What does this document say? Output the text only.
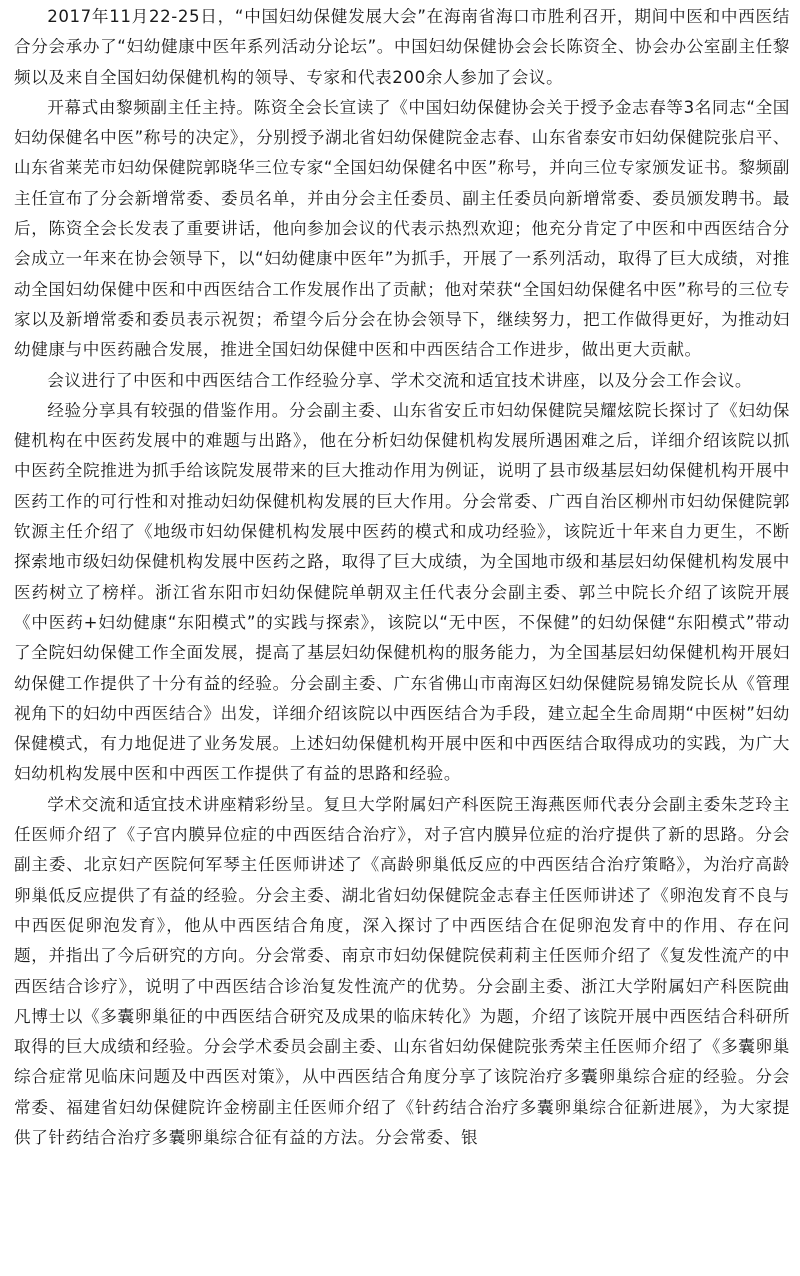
2017年11月22-25日，“中国妇幼保健发展大会”在海南省海口市胜利召开，期间中医和中西医结合分会承办了“妇幼健康中医年系列活动分论坛”。中国妇幼保健协会会长陈资全、协会办公室副主任黎频以及来自全国妇幼保健机构的领导、专家和代表200余人参加了会议。

开幕式由黎频副主任主持。陈资全会长宣读了《中国妇幼保健协会关于授予金志春等3名同志“全国妇幼保健名中医”称号的决定》，分别授予湖北省妇幼保健院金志春、山东省泰安市妇幼保健院张启平、山东省莱芜市妇幼保健院郭晓华三位专家“全国妇幼保健名中医”称号，并向三位专家颁发证书。黎频副主任宣布了分会新增常委、委员名单，并由分会主任委员、副主任委员向新增常委、委员颁发聘书。最后，陈资全会长发表了重要讲话，他向参加会议的代表示热烈欢迎；他充分肯定了中医和中西医结合分会成立一年来在协会领导下，以“妇幼健康中医年”为抓手，开展了一系列活动，取得了巨大成绩，对推动全国妇幼保健中医和中西医结合工作发展作出了贡献；他对荣获“全国妇幼保健名中医”称号的三位专家以及新增常委和委员表示祝贺；希望今后分会在协会领导下，继续努力，把工作做得更好，为推动妇幼健康与中医药融合发展，推进全国妇幼保健中医和中西医结合工作进步，做出更大贡献。

会议进行了中医和中西医结合工作经验分享、学术交流和适宜技术讲座，以及分会工作会议。

经验分享具有较强的借鉴作用。分会副主委、山东省安丘市妇幼保健院吴耀炫院长探讨了《妇幼保健机构在中医药发展中的难题与出路》，他在分析妇幼保健机构发展所遇困难之后，详细介绍该院以抓中医药全院推进为抓手给该院发展带来的巨大推动作用为例证，说明了县市级基层妇幼保健机构开展中医药工作的可行性和对推动妇幼保健机构发展的巨大作用。分会常委、广西自治区柳州市妇幼保健院郭钦源主任介绍了《地级市妇幼保健机构发展中医药的模式和成功经验》，该院近十年来自力更生，不断探索地市级妇幼保健机构发展中医药之路，取得了巨大成绩，为全国地市级和基层妇幼保健机构发展中医药树立了榜样。浙江省东阳市妇幼保健院单朝双主任代表分会副主委、郭兰中院长介绍了该院开展《中医药+妇幼健康“东阳模式”的实践与探索》，该院以“无中医，不保健”的妇幼保健“东阳模式”带动了全院妇幼保健工作全面发展，提高了基层妇幼保健机构的服务能力，为全国基层妇幼保健机构开展妇幼保健工作提供了十分有益的经验。分会副主委、广东省佛山市南海区妇幼保健院易锦发院长从《管理视角下的妇幼中西医结合》出发，详细介绍该院以中西医结合为手段，建立起全生命周期“中医树”妇幼保健模式，有力地促进了业务发展。上述妇幼保健机构开展中医和中西医结合取得成功的实践，为广大妇幼机构发展中医和中西医工作提供了有益的思路和经验。

学术交流和适宜技术讲座精彩纷呈。复旦大学附属妇产科医院王海燕医师代表分会副主委朱芝玲主任医师介绍了《子宫内膜异位症的中西医结合治疗》，对子宫内膜异位症的治疗提供了新的思路。分会副主委、北京妇产医院何军琴主任医师讲述了《高龄卵巢低反应的中西医结合治疗策略》，为治疗高龄卵巢低反应提供了有益的经验。分会主委、湖北省妇幼保健院金志春主任医师讲述了《卵泡发育不良与中西医促卵泡发育》，他从中西医结合角度，深入探讨了中西医结合在促卵泡发育中的作用、存在问题，并指出了今后研究的方向。分会常委、南京市妇幼保健院侯莉莉主任医师介绍了《复发性流产的中西医结合诊疗》，说明了中西医结合诊治复发性流产的优势。分会副主委、浙江大学附属妇产科医院曲凡博士以《多囊卵巢征的中西医结合研究及成果的临床转化》为题，介绍了该院开展中西医结合科研所取得的巨大成绩和经验。分会学术委员会副主委、山东省妇幼保健院张秀荣主任医师介绍了《多囊卵巢综合症常见临床问题及中西医对策》，从中西医结合角度分享了该院治疗多囊卵巢综合症的经验。分会常委、福建省妇幼保健院许金榜副主任医师介绍了《针药结合治疗多囊卵巢综合征新进展》，为大家提供了针药结合治疗多囊卵巢综合征有益的方法。分会常委、银
